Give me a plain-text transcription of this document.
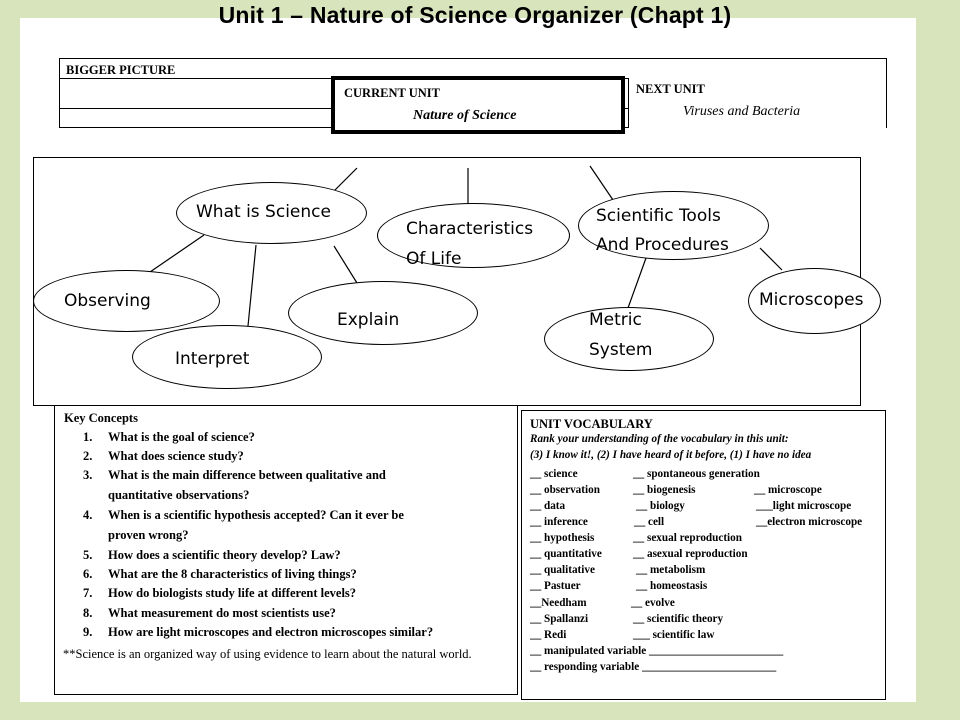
Unit 1 – Nature of Science Organizer (Chapt 1)
BIGGER PICTURE
CURRENT UNIT
Nature of Science
NEXT UNIT
Viruses and Bacteria
What is Science
Characteristics
Of Life
Scientific Tools
And Procedures
Observing
Explain
Interpret
Metric
System
Microscopes
Key Concepts
1. What is the goal of science?
2. What does science study?
3. What is the main difference between qualitative and
quantitative observations?
4. When is a scientific hypothesis accepted? Can it ever be
proven wrong?
5. How does a scientific theory develop? Law?
6. What are the 8 characteristics of living things?
7. How do biologists study life at different levels?
8. What measurement do most scientists use?
9. How are light microscopes and electron microscopes similar?
**Science is an organized way of using evidence to learn about the natural world.
UNIT VOCABULARY
Rank your understanding of the vocabulary in this unit:
(3) I know it!, (2) I have heard of it before, (1) I have no idea
__ science
__ observation
__ data
__ inference
__ hypothesis
__ quantitative
__ qualitative
__ Pastuer
__Needham
__ Spallanzi
__ Redi
__ manipulated variable ________________________
__ responding variable ________________________
__ spontaneous generation
__ biogenesis
__ biology
__ cell
__ sexual reproduction
__ asexual reproduction
__ metabolism
__ homeostasis
__ evolve
__ scientific theory
___ scientific law
__ microscope
___light microscope
__electron microscope
